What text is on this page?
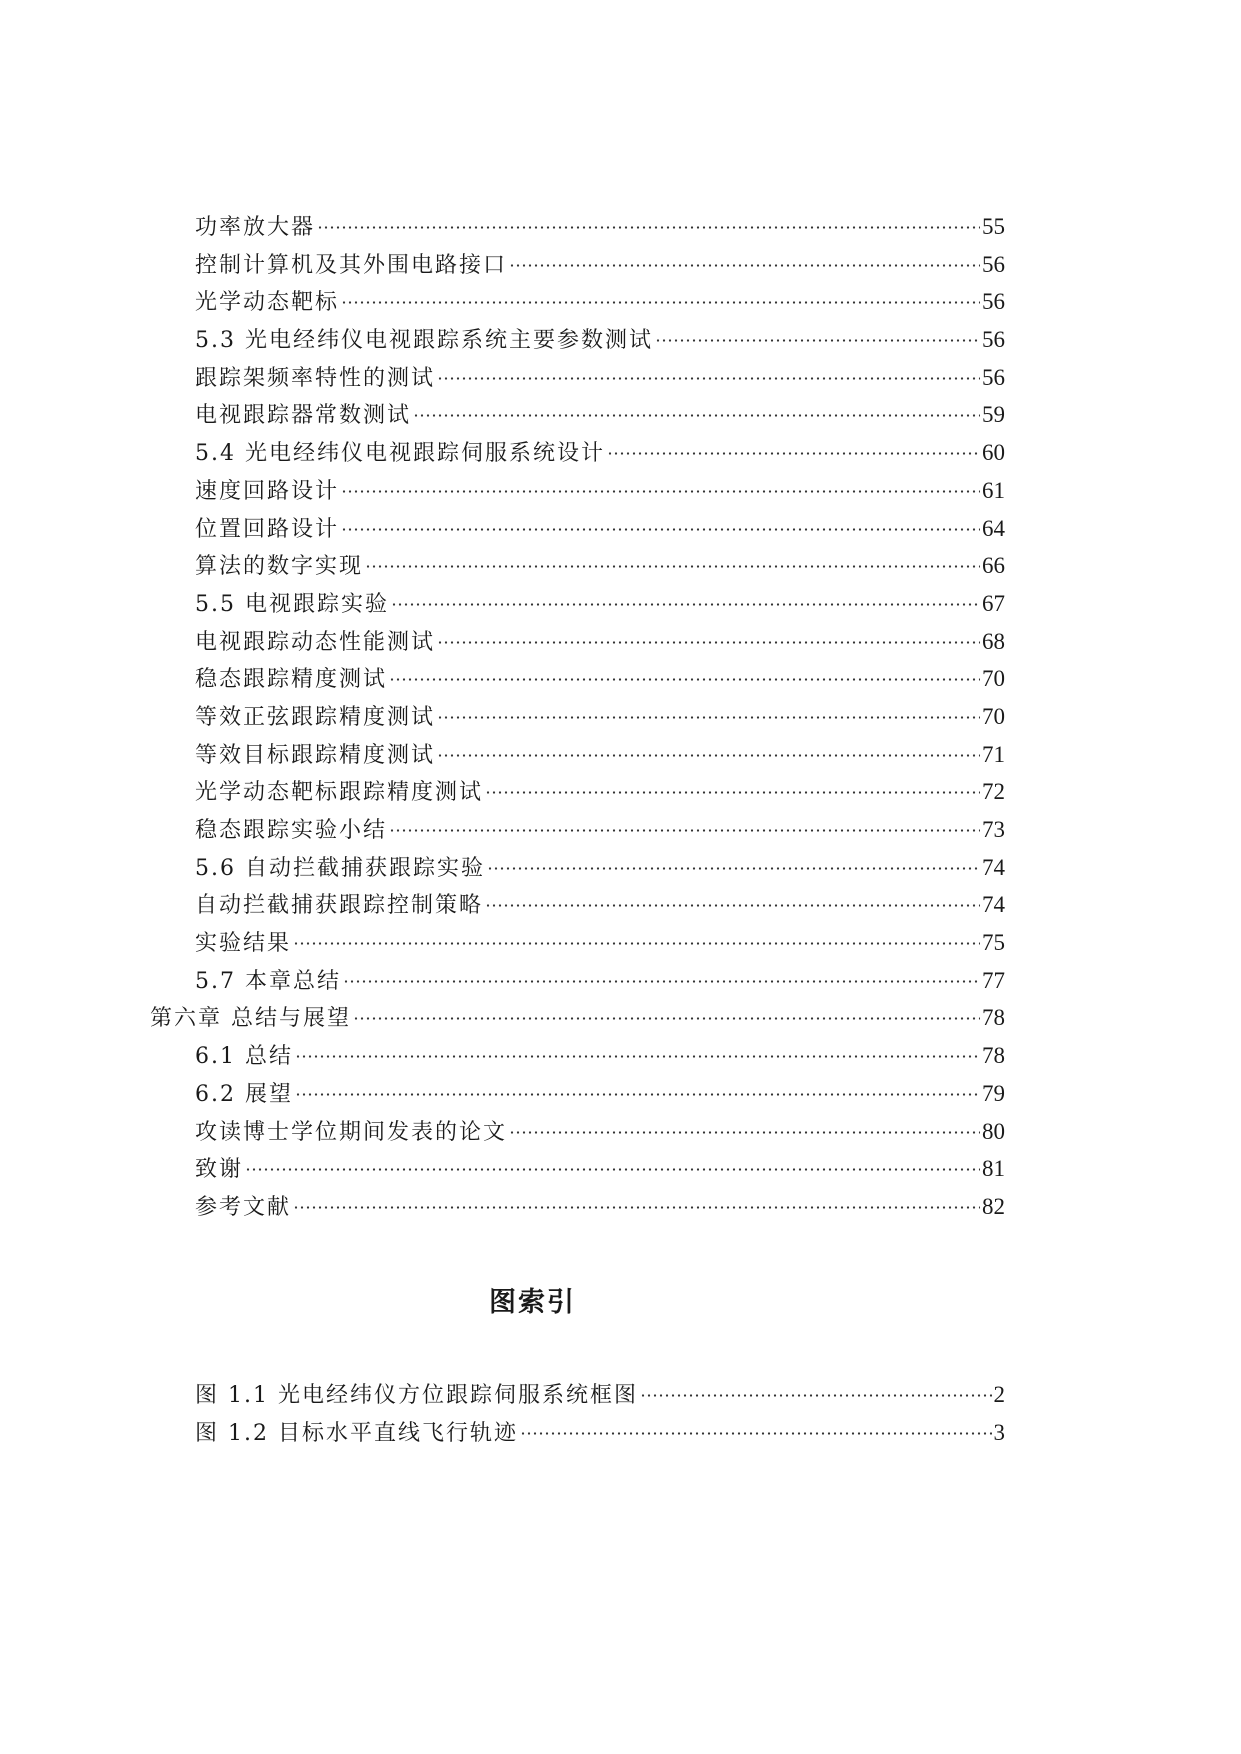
功率放大器	55
控制计算机及其外围电路接口	56
光学动态靶标	56
5.3 光电经纬仪电视跟踪系统主要参数测试	56
跟踪架频率特性的测试	56
电视跟踪器常数测试	59
5.4 光电经纬仪电视跟踪伺服系统设计	60
速度回路设计	61
位置回路设计	64
算法的数字实现	66
5.5 电视跟踪实验	67
电视跟踪动态性能测试	68
稳态跟踪精度测试	70
等效正弦跟踪精度测试	70
等效目标跟踪精度测试	71
光学动态靶标跟踪精度测试	72
稳态跟踪实验小结	73
5.6 自动拦截捕获跟踪实验	74
自动拦截捕获跟踪控制策略	74
实验结果	75
5.7 本章总结	77
第六章 总结与展望	78
6.1 总结	78
6.2 展望	79
攻读博士学位期间发表的论文	80
致谢	81
参考文献	82
图索引
图 1.1 光电经纬仪方位跟踪伺服系统框图	2
图 1.2 目标水平直线飞行轨迹	3
